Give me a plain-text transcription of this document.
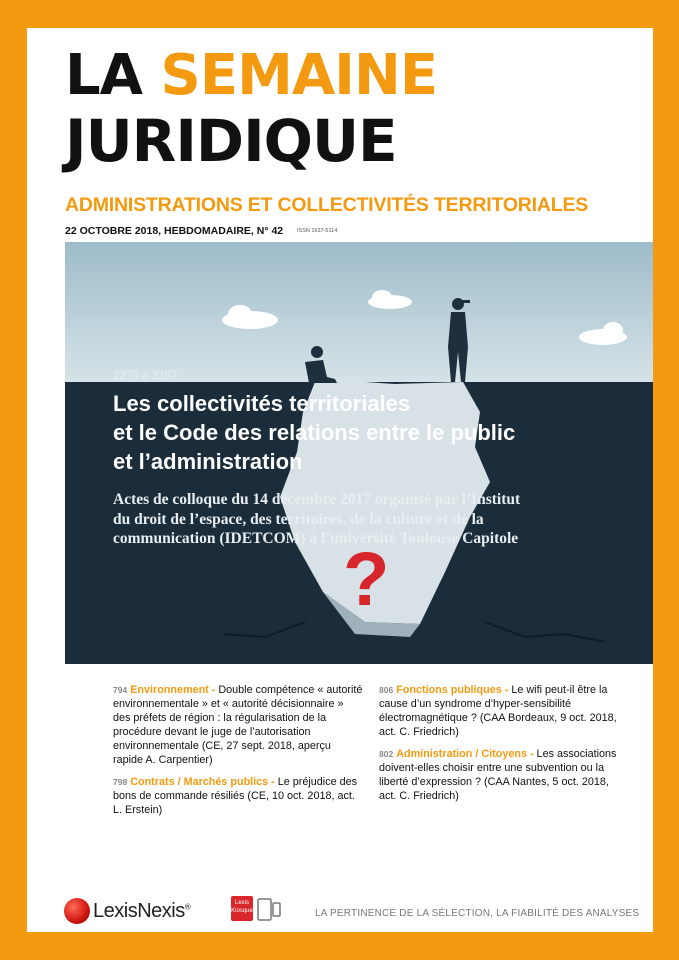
LA SEMAINE
JURIDIQUE
ADMINISTRATIONS ET COLLECTIVITÉS TERRITORIALES
22 OCTOBRE 2018, HEBDOMADAIRE, N° 42	ISSN 1637-5114
2275 à 2287
Les collectivités territoriales
et le Code des relations entre le public
et l’administration
Actes de colloque du 14 décembre 2017 organisé par l’Institut
du droit de l’espace, des territoires, de la culture et de la
communication (IDETCOM) à l’université Toulouse Capitole
?
794 Environnement - Double compétence « autorité environnementale » et « autorité décisionnaire » des préfets de région : la régularisation de la procédure devant le juge de l’autorisation environnementale (CE, 27 sept. 2018, aperçu rapide A. Carpentier)
798 Contrats / Marchés publics - Le préjudice des bons de commande résiliés (CE, 10 oct. 2018, act. L. Erstein)
806 Fonctions publiques - Le wifi peut-il être la cause d’un syndrome d’hyper-sensibilité électromagnétique ? (CAA Bordeaux, 9 oct. 2018, act. C. Friedrich)
802 Administration / Citoyens - Les associations doivent-elles choisir entre une subvention ou la liberté d’expression ? (CAA Nantes, 5 oct. 2018, act. C. Friedrich)
LexisNexis®	Lexis
Kiosque	LA PERTINENCE DE LA SÉLECTION, LA FIABILITÉ DES ANALYSES
